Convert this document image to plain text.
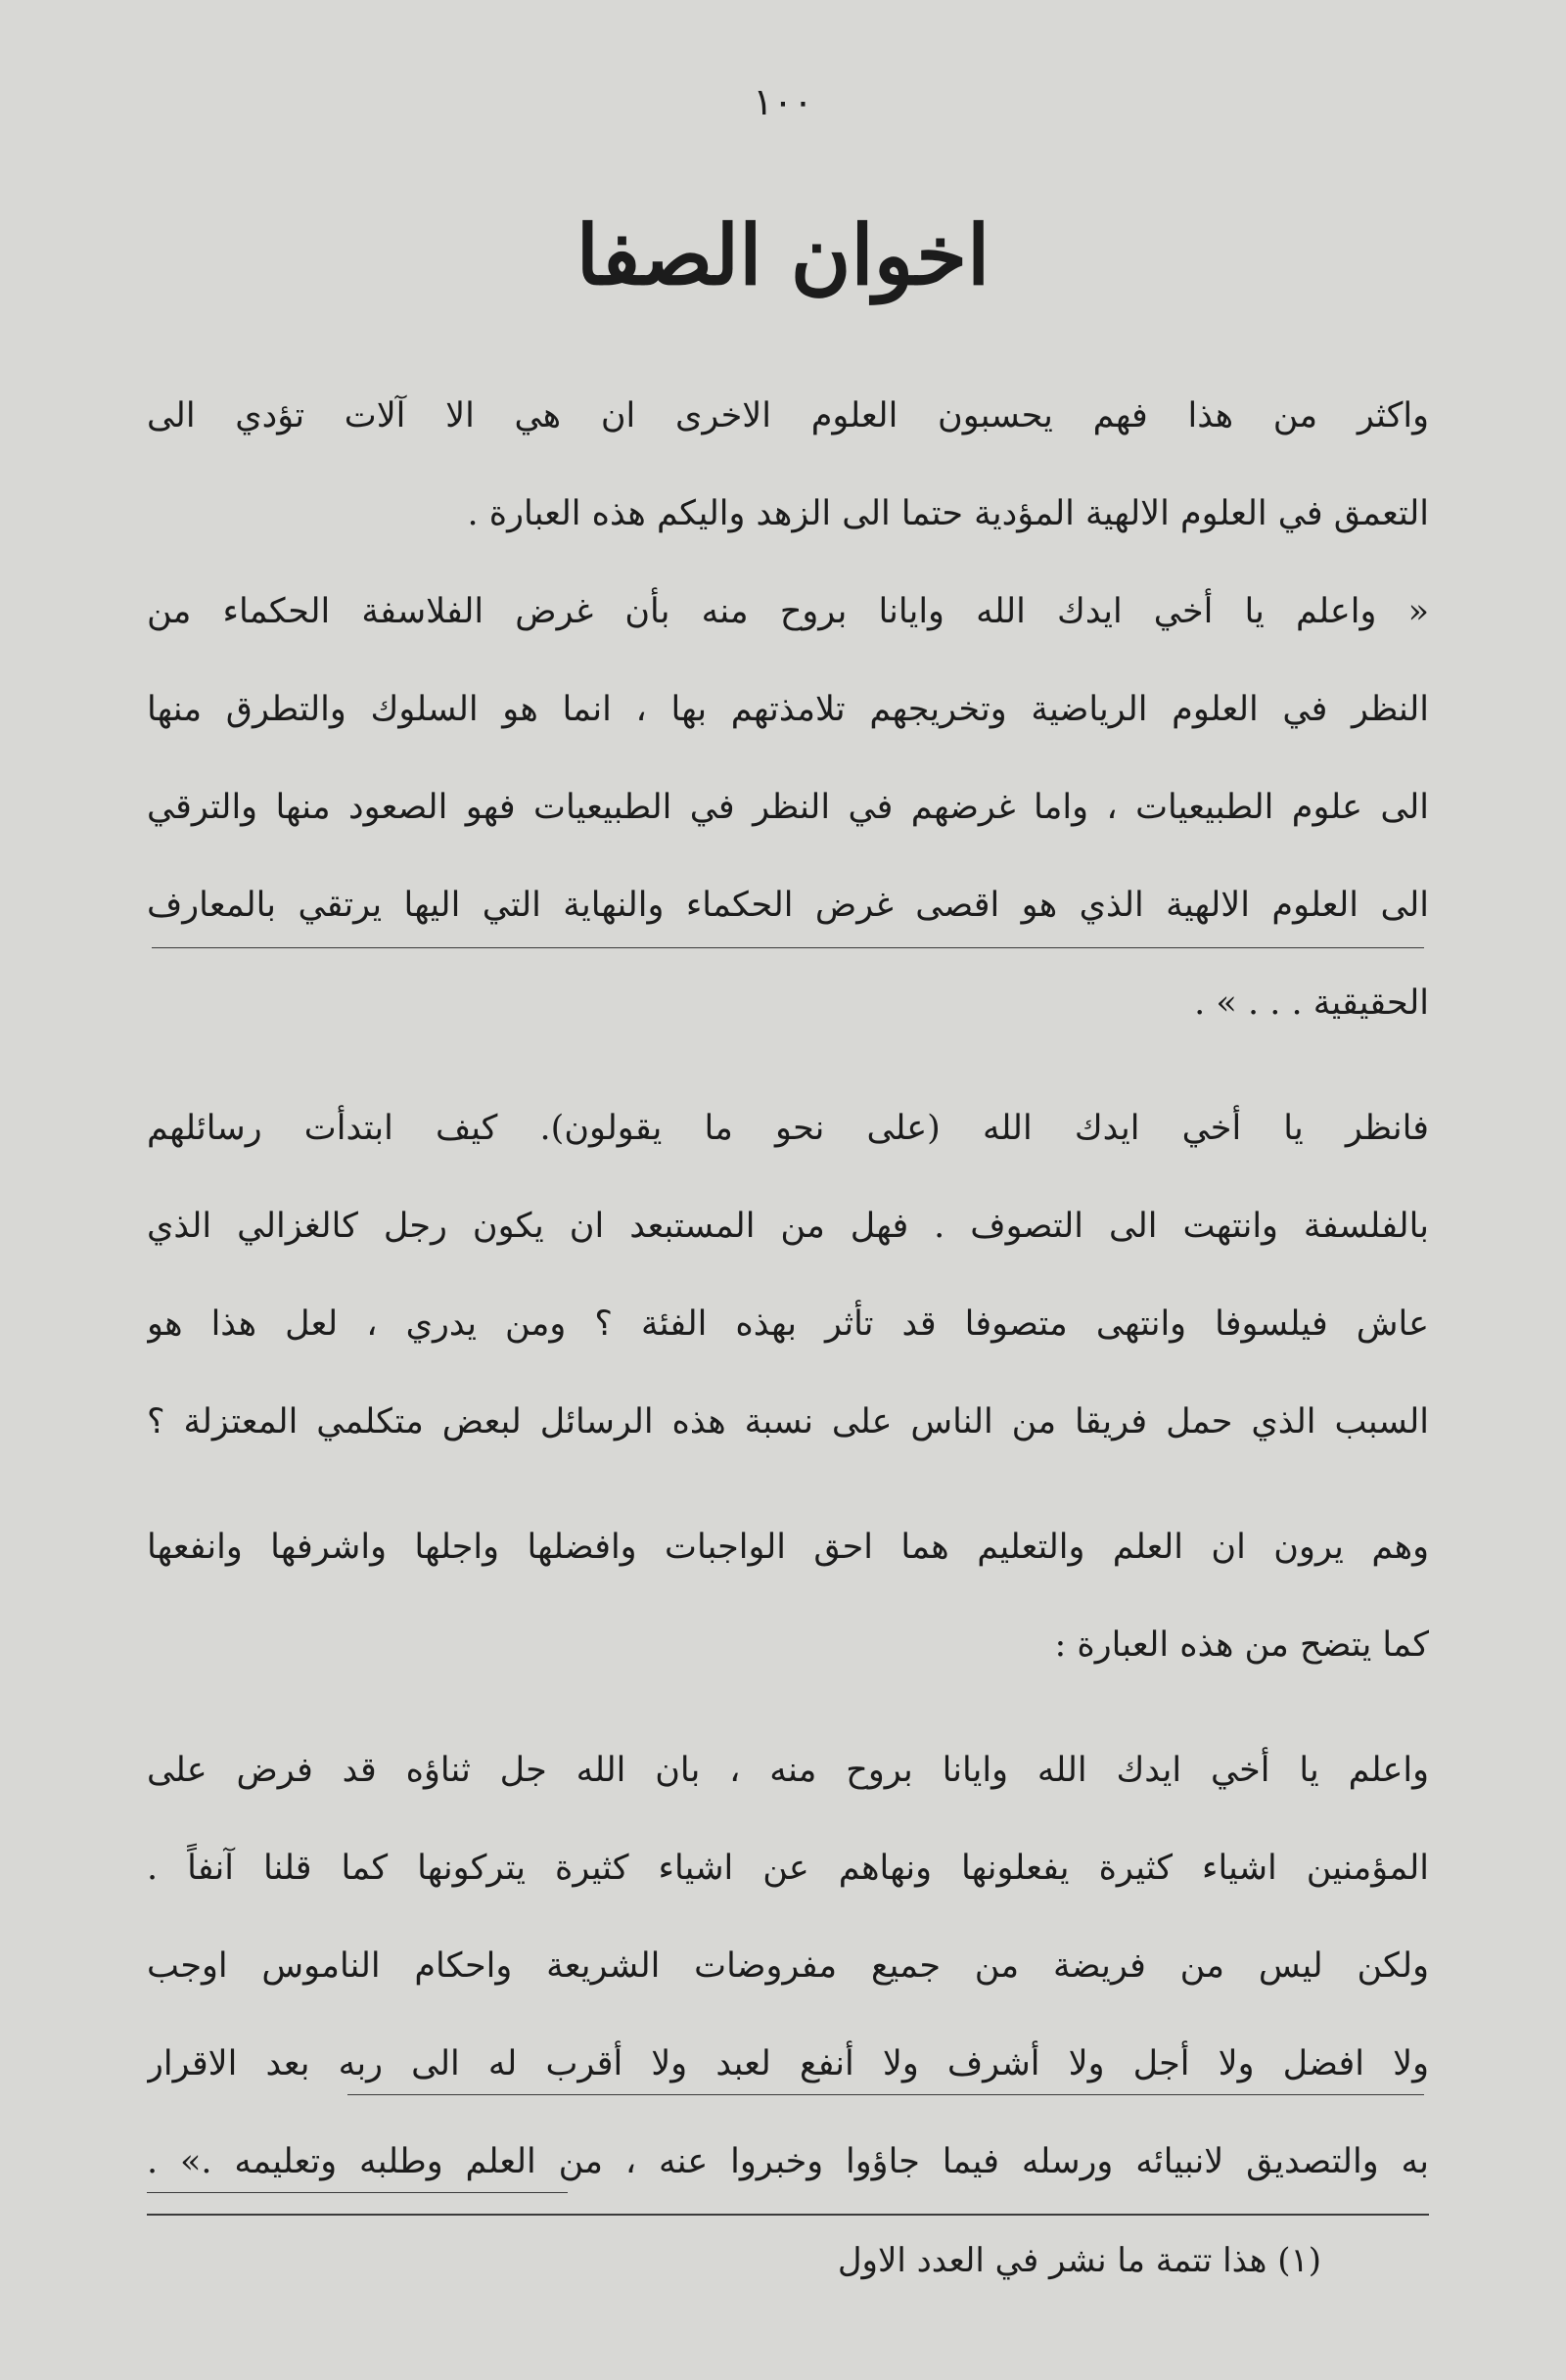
١٠٠
اخوان الصفا
واكثر من هذا فهم يحسبون العلوم الاخرى ان هي الا آلات تؤدي الى
التعمق في العلوم الالهية المؤدية حتما الى الزهد واليكم هذه العبارة .
« واعلم يا أخي ايدك الله وايانا بروح منه بأن غرض الفلاسفة الحكماء من
النظر في العلوم الرياضية وتخريجهم تلامذتهم بها ، انما هو السلوك والتطرق منها
الى علوم الطبيعيات ، واما غرضهم في النظر في الطبيعيات فهو الصعود منها والترقي
الى العلوم الالهية الذي هو اقصى غرض الحكماء والنهاية التي اليها يرتقي بالمعارف
الحقيقية . . . » .
فانظر يا أخي ايدك الله (على نحو ما يقولون). كيف ابتدأت رسائلهم
بالفلسفة وانتهت الى التصوف . فهل من المستبعد ان يكون رجل كالغزالي الذي
عاش فيلسوفا وانتهى متصوفا قد تأثر بهذه الفئة ؟ ومن يدري ، لعل هذا هو
السبب الذي حمل فريقا من الناس على نسبة هذه الرسائل لبعض متكلمي المعتزلة ؟
وهم يرون ان العلم والتعليم هما احق الواجبات وافضلها واجلها واشرفها وانفعها
كما يتضح من هذه العبارة :
واعلم يا أخي ايدك الله وايانا بروح منه ، بان الله جل ثناؤه قد فرض على
المؤمنين اشياء كثيرة يفعلونها ونهاهم عن اشياء كثيرة يتركونها كما قلنا آنفاً .
ولكن ليس من فريضة من جميع مفروضات الشريعة واحكام الناموس اوجب
ولا افضل ولا أجل ولا أشرف ولا أنفع لعبد ولا أقرب له الى ربه بعد الاقرار
به والتصديق لانبيائه ورسله فيما جاؤوا وخبروا عنه ، من العلم وطلبه وتعليمه .» .
(١) هذا تتمة ما نشر في العدد الاول
